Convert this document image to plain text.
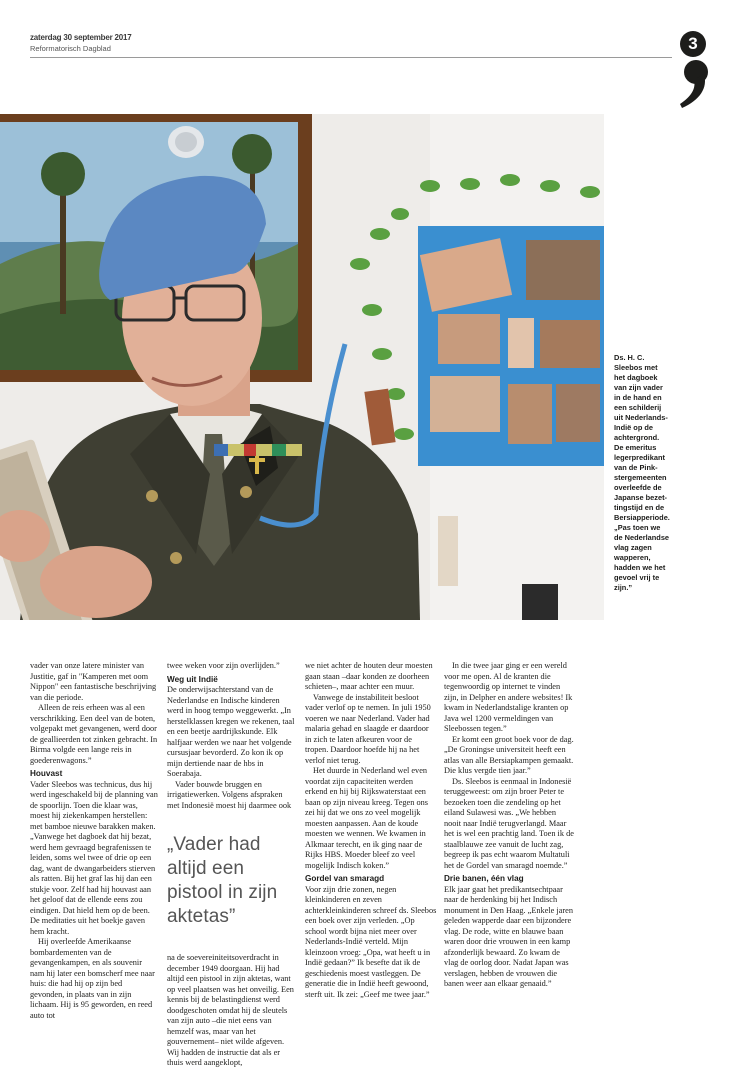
zaterdag 30 september 2017
Reformatorisch Dagblad	3
Ds. H. C.
Sleebos met
het dagboek
van zijn vader
in de hand en
een schilderij
uit Nederlands-
Indië op de
achtergrond.
De emeritus
legerpredikant
van de Pink-
stergemeenten
overleefde de
Japanse bezet-
tingstijd en de
Bersiapperiode.
„Pas toen we
de Nederlandse
vlag zagen
wapperen,
hadden we het
gevoel vrij te
zijn.”

vader van onze latere minister van Justitie, gaf in "Kamperen met oom Nippon" een fantastische beschrijving van die periode.

Alleen de reis erheen was al een verschrikking. Een deel van de boten, volgepakt met gevangenen, werd door de geallieerden tot zinken gebracht. In Birma volgde een lange reis in goederenwagons.”

Houvast

Vader Sleebos was technicus, dus hij werd ingeschakeld bij de planning van de spoorlijn. Toen die klaar was, moest hij ziekenkampen herstellen: met bamboe nieuwe barakken maken. „Vanwege het dagboek dat hij bezat, werd hem gevraagd begrafenissen te leiden, soms wel twee of drie op een dag, want de dwangarbeiders stierven als ratten. Bij het graf las hij dan een stukje voor. Zelf had hij houvast aan het geloof dat de ellende eens zou eindigen. Dat hield hem op de been. De meditaties uit het boekje gaven hem kracht.

Hij overleefde Amerikaanse bombardementen van de gevangenkampen, en als souvenir nam hij later een bomscherf mee naar huis: die had hij op zijn bed gevonden, in plaats van in zijn lichaam. Hij is 95 geworden, en reed auto tot

twee weken voor zijn overlijden.”

Weg uit Indië

De onderwijsachterstand van de Nederlandse en Indische kinderen werd in hoog tempo weggewerkt. „In herstelklassen kregen we rekenen, taal en een beetje aardrijkskunde. Elk halfjaar werden we naar het volgende cursusjaar bevorderd. Zo kon ik op mijn dertiende naar de hbs in Soerabaja.

Vader bouwde bruggen en irrigatiewerken. Volgens afspraken met Indonesië moest hij daarmee ook

„Vader had altijd een pistool in zijn aktetas”

na de soevereiniteitsoverdracht in december 1949 doorgaan. Hij had altijd een pistool in zijn aktetas, want op veel plaatsen was het onveilig. Een kennis bij de belastingdienst werd doodgeschoten omdat hij de sleutels van zijn auto –die niet eens van hemzelf was, maar van het gouvernement– niet wilde afgeven. Wij hadden de instructie dat als er thuis werd aangeklopt,

we niet achter de houten deur moesten gaan staan –daar konden ze doorheen schieten–, maar achter een muur.

Vanwege de instabiliteit besloot vader verlof op te nemen. In juli 1950 voeren we naar Nederland. Vader had malaria gehad en slaagde er daardoor in zich te laten afkeuren voor de tropen. Daardoor hoefde hij na het verlof niet terug.

Het duurde in Nederland wel even voordat zijn capaciteiten werden erkend en hij bij Rijkswaterstaat een baan op zijn niveau kreeg. Tegen ons zei hij dat we ons zo veel mogelijk moesten aanpassen. Aan de koude moesten we wennen. We kwamen in Alkmaar terecht, en ik ging naar de Rijks HBS. Moeder bleef zo veel mogelijk Indisch koken.”

Gordel van smaragd

Voor zijn drie zonen, negen kleinkinderen en zeven achterkleinkinderen schreef ds. Sleebos een boek over zijn verleden. „Op school wordt bijna niet meer over Nederlands-Indië verteld. Mijn kleinzoon vroeg: „Opa, wat heeft u in Indië gedaan?” Ik besefte dat ik de geschiedenis moest vastleggen. De generatie die in Indië heeft gewoond, sterft uit. Ik zei: „Geef me twee jaar.”

In die twee jaar ging er een wereld voor me open. Al de kranten die tegenwoordig op internet te vinden zijn, in Delpher en andere websites! Ik kwam in Nederlandstalige kranten op Java wel 1200 vermeldingen van Sleebossen tegen.”

Er komt een groot boek voor de dag. „De Groningse universiteit heeft een atlas van alle Bersiapkampen gemaakt. Die klus vergde tien jaar.”

Ds. Sleebos is eenmaal in Indonesië teruggeweest: om zijn broer Peter te bezoeken toen die zendeling op het eiland Sulawesi was. „We hebben nooit naar Indië terugverlangd. Maar het is wel een prachtig land. Toen ik de staalblauwe zee vanuit de lucht zag, begreep ik pas echt waarom Multatuli het de Gordel van smaragd noemde.”

Drie banen, één vlag

Elk jaar gaat het predikantsechtpaar naar de herdenking bij het Indisch monument in Den Haag. „Enkele jaren geleden wapperde daar een bijzondere vlag. De rode, witte en blauwe baan waren door drie vrouwen in een kamp afzonderlijk bewaard. Zo kwam de vlag de oorlog door. Nadat Japan was verslagen, hebben de vrouwen die banen weer aan elkaar genaaid.”
